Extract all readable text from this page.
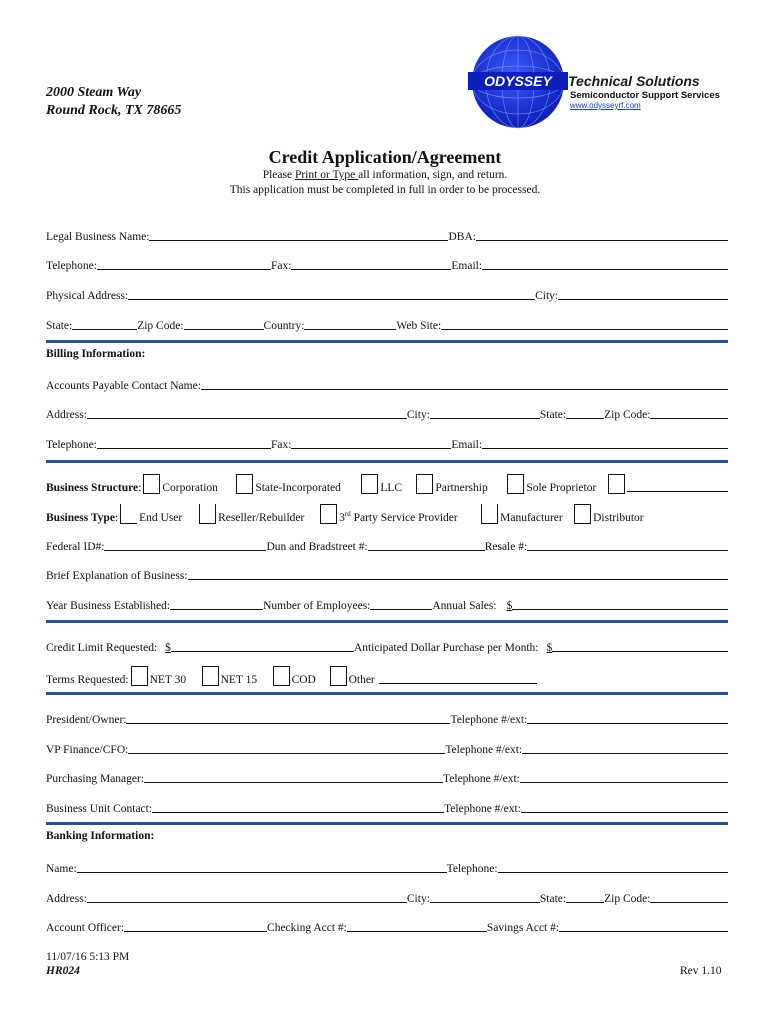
2000 Steam Way
Round Rock, TX 78665
ODYSSEY Technical Solutions
Semiconductor Support Services
www.odysseyrf.com
Credit Application/Agreement
Please Print or Type all information, sign, and return.
This application must be completed in full in order to be processed.
Legal Business Name:	DBA:
Telephone:	Fax:	Email:
Physical Address:	City:
State:	Zip Code:	Country:	Web Site:
Billing Information:
Accounts Payable Contact Name:
Address:	City:	State:	Zip Code:
Telephone:	Fax:	Email:
Business Structure : Corporation	State-Incorporated	LLC	Partnership	Sole Proprietor
Business Type : End User	Reseller/Rebuilder	3rd Party Service Provider	Manufacturer	Distributor
Federal ID#:	Dun and Bradstreet #:	Resale #:
Brief Explanation of Business:
Year Business Established:	Number of Employees:	Annual Sales: $
Credit Limit Requested: $	Anticipated Dollar Purchase per Month: $
Terms Requested: NET 30	NET 15	COD	Other
President/Owner:	Telephone #/ext:
VP Finance/CFO:	Telephone #/ext:
Purchasing Manager:	Telephone #/ext:
Business Unit Contact:	Telephone #/ext:
Banking Information:
Name:	Telephone:
Address:	City:	State:	Zip Code:
Account Officer:	Checking Acct #:	Savings Acct #:
11/07/16 5:13 PM
HR024	Rev 1.10
